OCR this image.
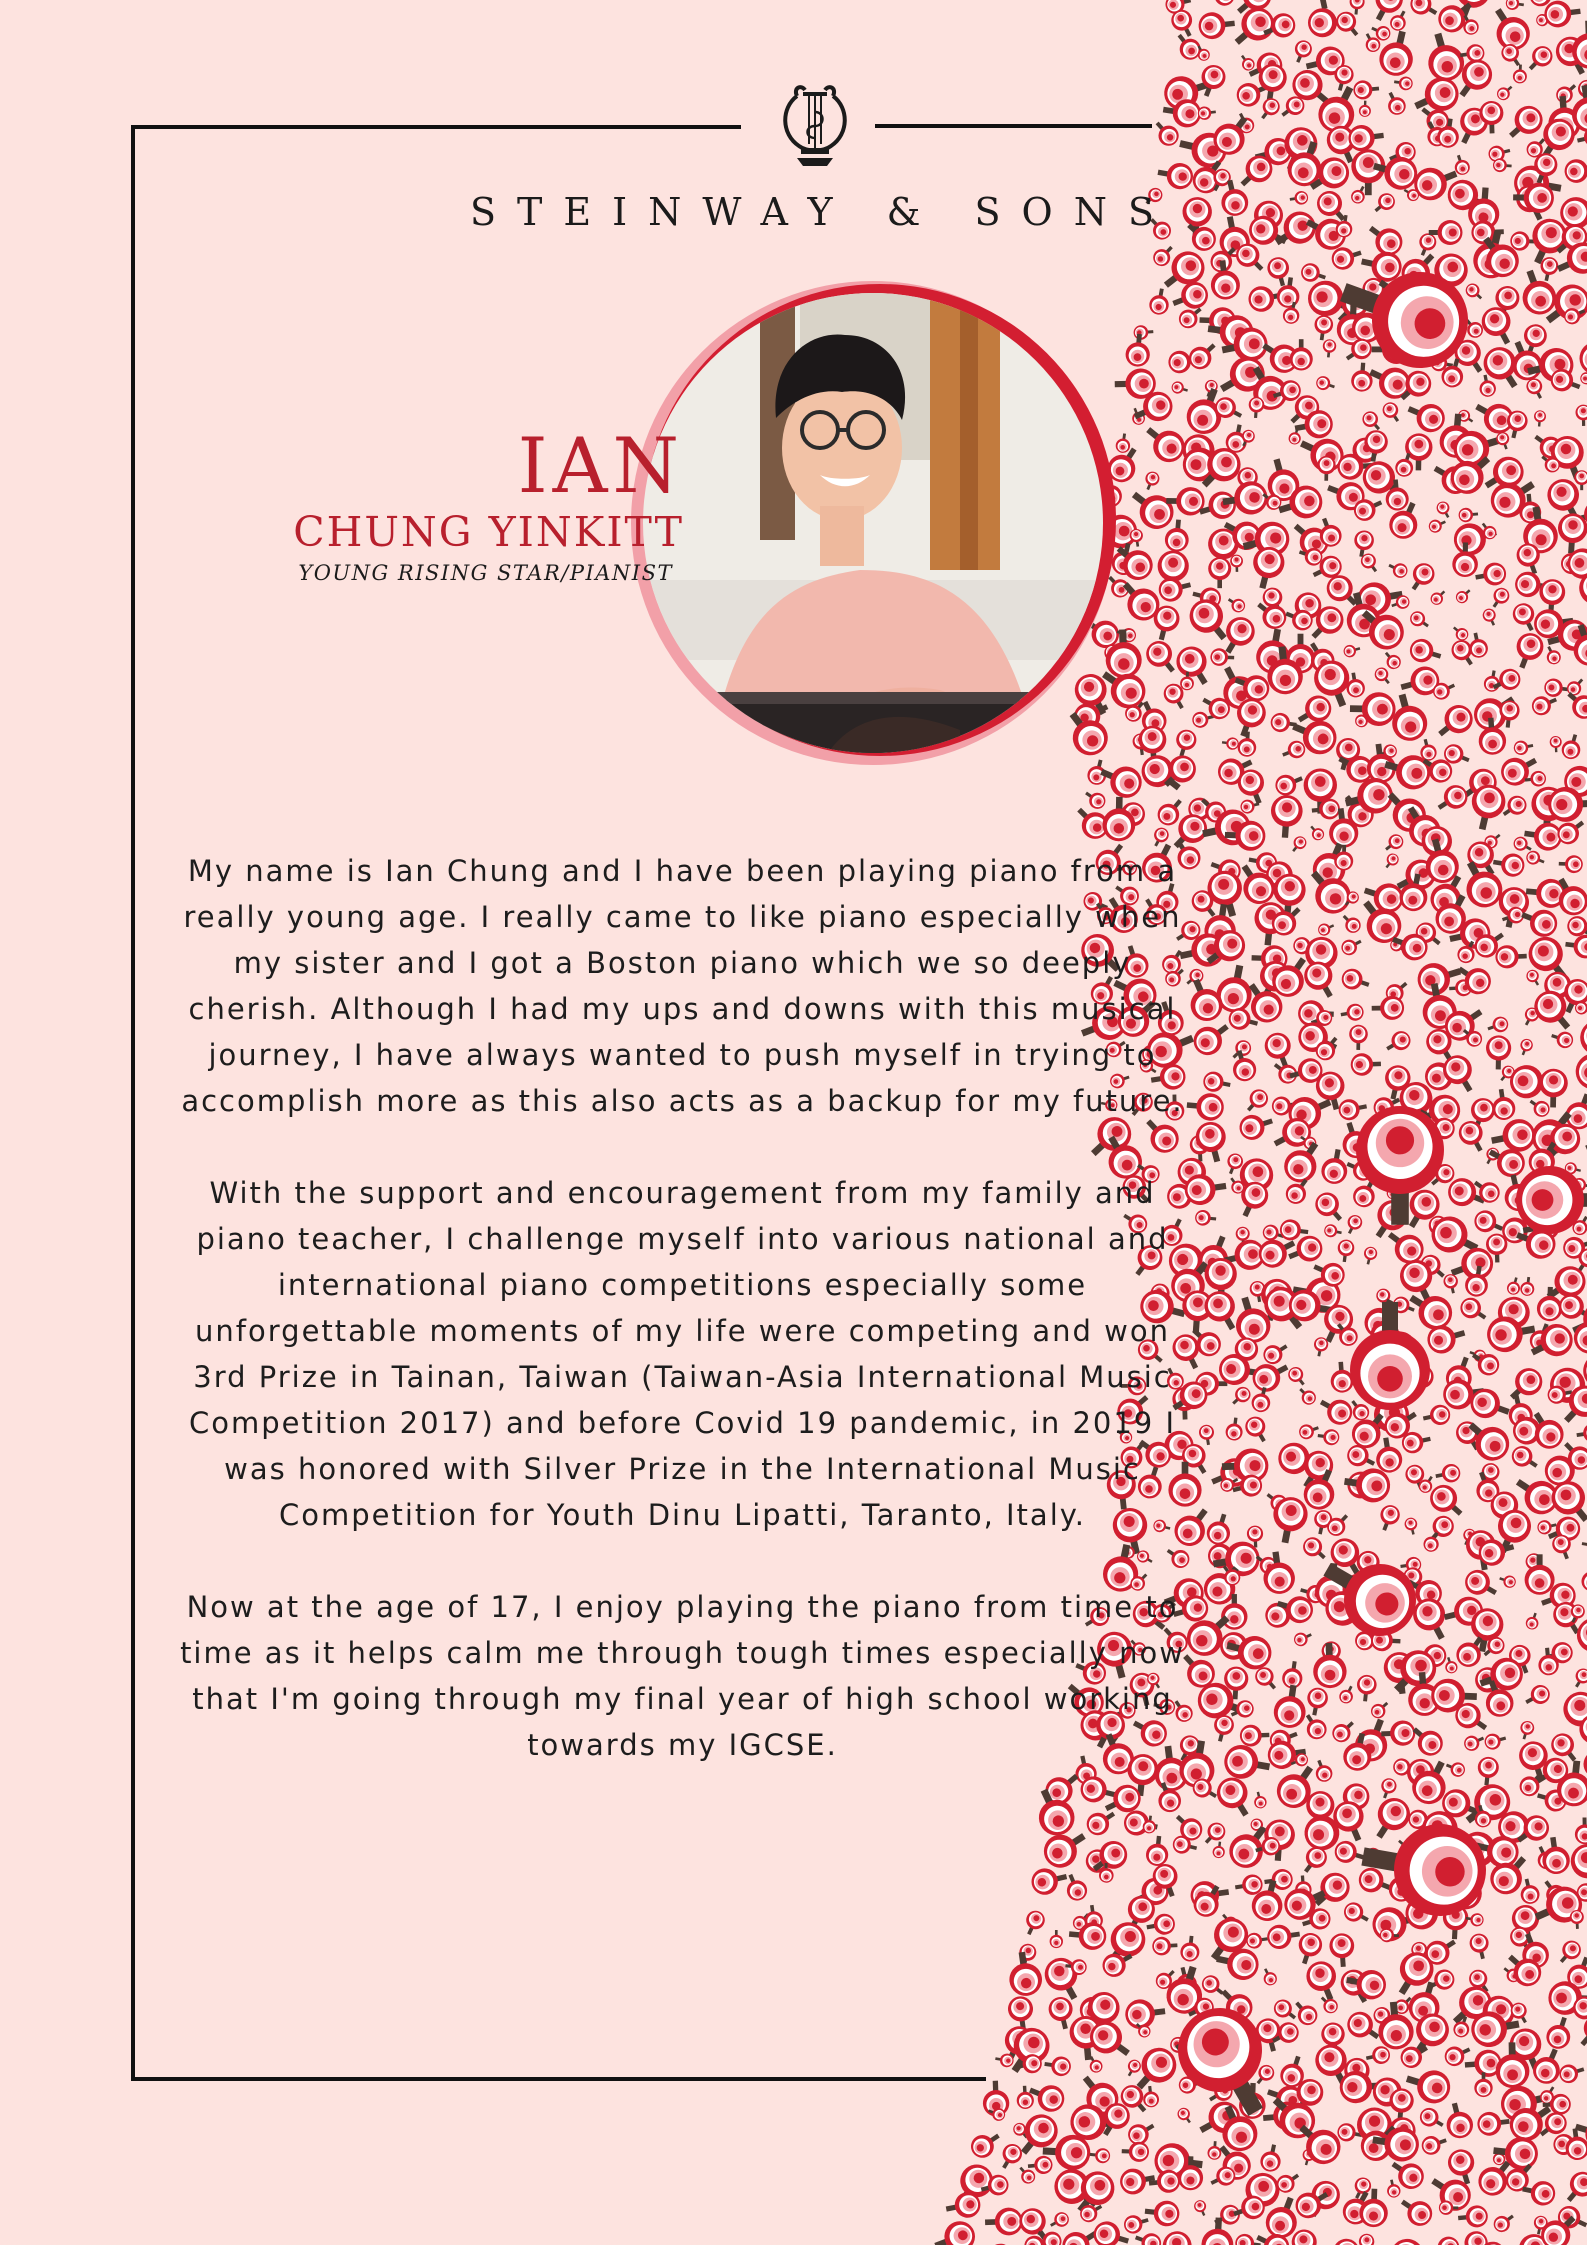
STEINWAY & SONS
IAN
CHUNG YINKITT
YOUNG RISING STAR/PIANIST

My name is Ian Chung and I have been playing piano from a really young age. I really came to like piano especially when my sister and I got a Boston piano which we so deeply cherish. Although I had my ups and downs with this musical journey, I have always wanted to push myself in trying to accomplish more as this also acts as a backup for my future.

With the support and encouragement from my family and piano teacher, I challenge myself into various national and international piano competitions especially some unforgettable moments of my life were competing and won 3rd Prize in Tainan, Taiwan (Taiwan-Asia International Music Competition 2017) and before Covid 19 pandemic, in 2019 I was honored with Silver Prize in the International Music Competition for Youth Dinu Lipatti, Taranto, Italy.

Now at the age of 17, I enjoy playing the piano from time to time as it helps calm me through tough times especially now that I'm going through my final year of high school working towards my IGCSE.
